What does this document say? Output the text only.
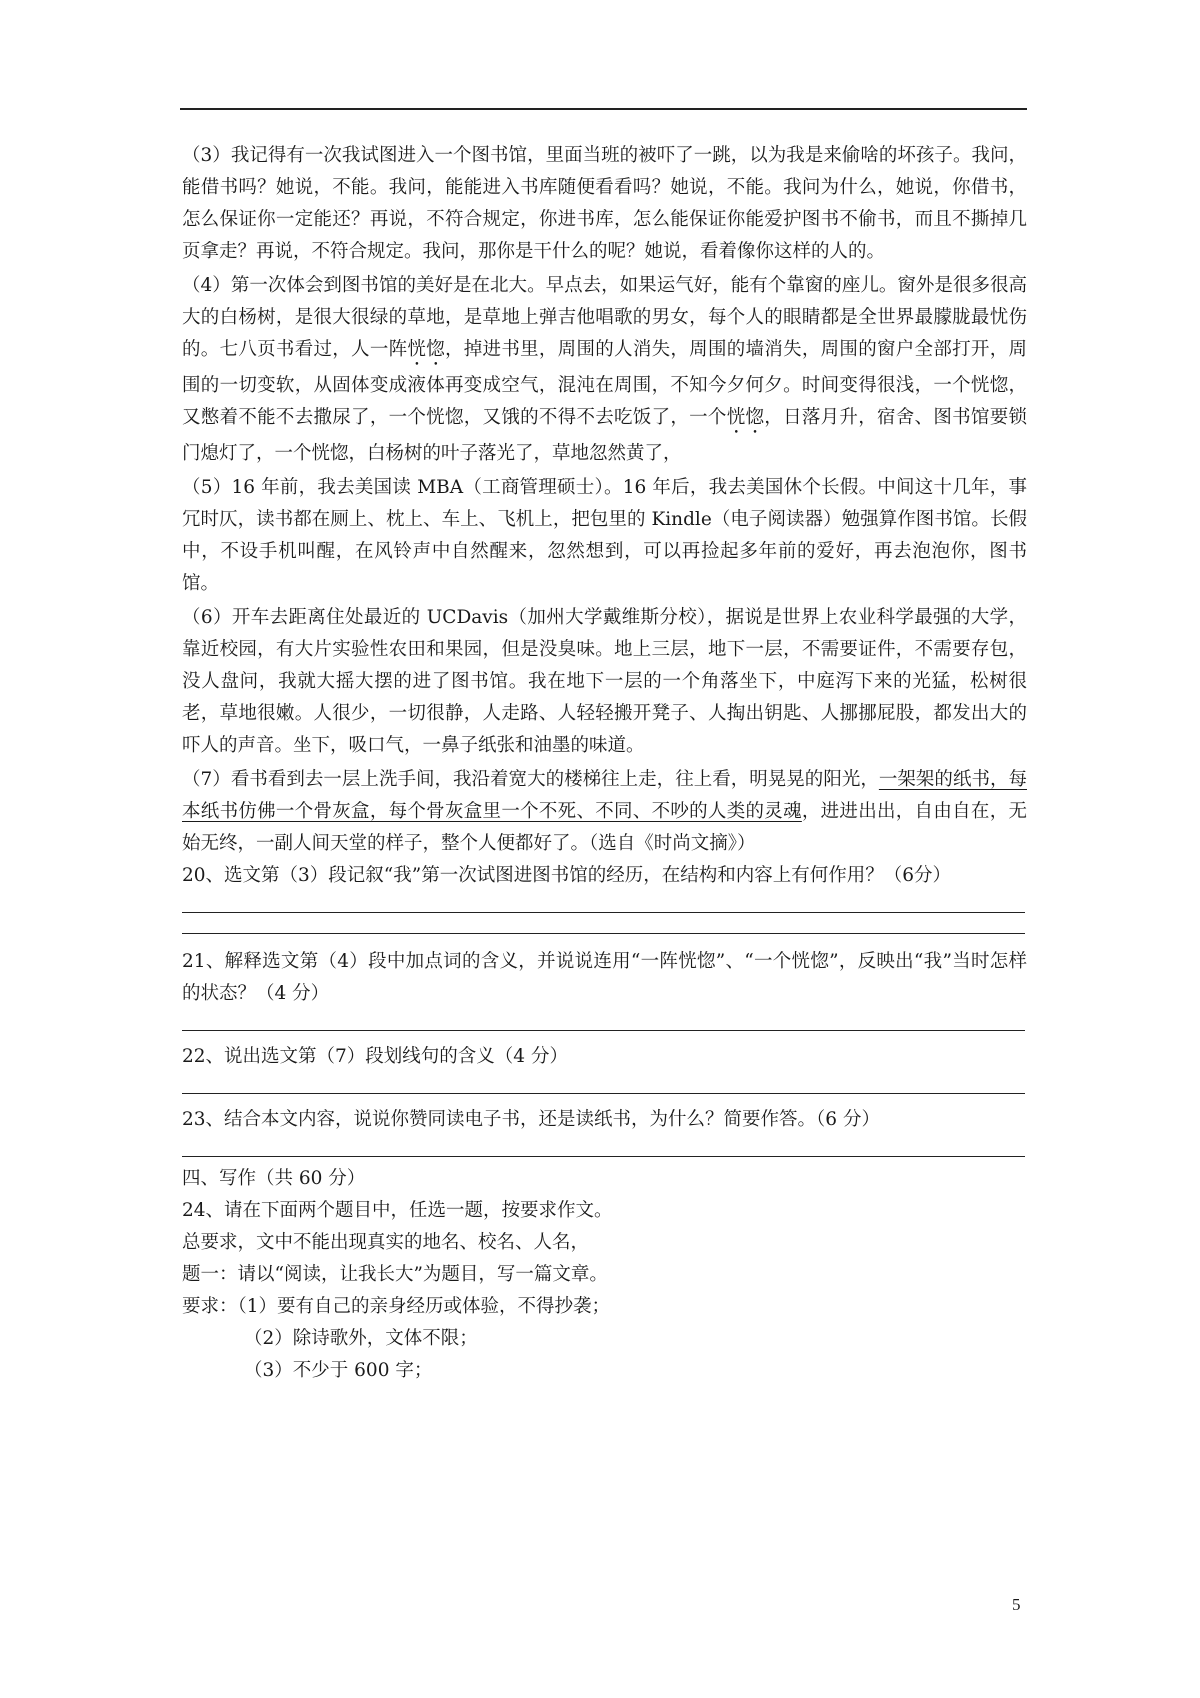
（3）我记得有一次我试图进入一个图书馆，里面当班的被吓了一跳，以为我是来偷啥的坏孩子。我问，能借书吗？她说，不能。我问，能能进入书库随便看看吗？她说，不能。我问为什么，她说，你借书，怎么保证你一定能还？再说，不符合规定，你进书库，怎么能保证你能爱护图书不偷书，而且不撕掉几页拿走？再说，不符合规定。我问，那你是干什么的呢？她说，看着像你这样的人的。

（4）第一次体会到图书馆的美好是在北大。早点去，如果运气好，能有个靠窗的座儿。窗外是很多很高大的白杨树，是很大很绿的草地，是草地上弹吉他唱歌的男女，每个人的眼睛都是全世界最朦胧最忧伤的。七八页书看过，人一阵恍惚，掉进书里，周围的人消失，周围的墙消失，周围的窗户全部打开，周围的一切变软，从固体变成液体再变成空气，混沌在周围，不知今夕何夕。时间变得很浅，一个恍惚，又憋着不能不去撒尿了，一个恍惚，又饿的不得不去吃饭了，一个恍惚，日落月升，宿舍、图书馆要锁门熄灯了，一个恍惚，白杨树的叶子落光了，草地忽然黄了，

（5）16 年前，我去美国读 MBA（工商管理硕士）。16 年后，我去美国休个长假。中间这十几年，事冗时仄，读书都在厕上、枕上、车上、飞机上，把包里的 Kindle（电子阅读器）勉强算作图书馆。长假中，不设手机叫醒，在风铃声中自然醒来，忽然想到，可以再捡起多年前的爱好，再去泡泡你，图书馆。

（6）开车去距离住处最近的 UCDavis（加州大学戴维斯分校），据说是世界上农业科学最强的大学，靠近校园，有大片实验性农田和果园，但是没臭味。地上三层，地下一层，不需要证件，不需要存包，没人盘问，我就大摇大摆的进了图书馆。我在地下一层的一个角落坐下，中庭泻下来的光猛，松树很老，草地很嫩。人很少，一切很静，人走路、人轻轻搬开凳子、人掏出钥匙、人挪挪屁股，都发出大的吓人的声音。坐下，吸口气，一鼻子纸张和油墨的味道。

（7）看书看到去一层上洗手间，我沿着宽大的楼梯往上走，往上看，明晃晃的阳光，一架架的纸书，每本纸书仿佛一个骨灰盒，每个骨灰盒里一个不死、不同、不吵的人类的灵魂，进进出出，自由自在，无始无终，一副人间天堂的样子，整个人便都好了。（选自《时尚文摘》）

20、选文第（3）段记叙“我”第一次试图进图书馆的经历，在结构和内容上有何作用？（6分）

21、解释选文第（4）段中加点词的含义，并说说连用“一阵恍惚”、“一个恍惚”，反映出“我”当时怎样的状态？（4 分）

22、说出选文第（7）段划线句的含义（4 分）

23、结合本文内容，说说你赞同读电子书，还是读纸书，为什么？简要作答。（6 分）

四、写作（共 60 分）

24、请在下面两个题目中，任选一题，按要求作文。

总要求，文中不能出现真实的地名、校名、人名，

题一：请以“阅读，让我长大”为题目，写一篇文章。

要求：（1）要有自己的亲身经历或体验，不得抄袭；

（2）除诗歌外，文体不限；

（3）不少于 600 字；

5
